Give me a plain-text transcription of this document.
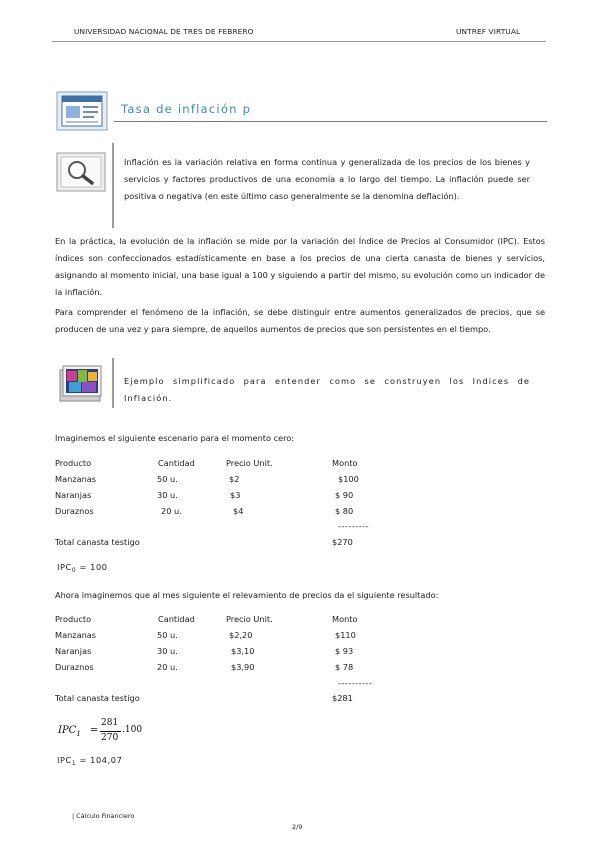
UNIVERSIDAD NACIONAL DE TRES DE FEBRERO	UNTREF VIRTUAL
Tasa de inflación p
Inflación es la variación relativa en forma continua y generalizada de los precios de los bienes y servicios y factores productivos de una economía a lo largo del tiempo. La inflación puede ser positiva o negativa (en este último caso generalmente se la denomina deflación).
En la práctica, la evolución de la inflación se mide por la variación del Índice de Precios al Consumidor (IPC). Estos índices son confeccionados estadísticamente en base a los precios de una cierta canasta de bienes y servicios, asignando al momento inicial, una base igual a 100 y siguiendo a partir del mismo, su evolución como un indicador de la inflación.
Para comprender el fenómeno de la inflación, se debe distinguir entre aumentos generalizados de precios, que se producen de una vez y para siempre, de aquellos aumentos de precios que son persistentes en el tiempo.
Ejemplo simplificado para entender como se construyen los Indices de Inflación.
Imaginemos el siguiente escenario para el momento cero:
Producto	Cantidad	Precio Unit.	Monto
Manzanas	50 u.	$2	$100
Naranjas	30 u.	$3	$ 90
Duraznos	20 u.	$4	$ 80
---------
Total canasta testigo	$270
$IPC_0 = 100$
Ahora imaginemos que al mes siguiente el relevamiento de precios da el siguiente resultado:
Producto	Cantidad	Precio Unit.	Monto
Manzanas	50 u.	$2,20	$110
Naranjas	30 u.	$3,10	$ 93
Duraznos	20 u.	$3,90	$ 78
----------
Total canasta testigo	$281
$IPC_1$ =
281
270
.100
$IPC_1 = 104,07$
| Cálculo Financiero
2/9
